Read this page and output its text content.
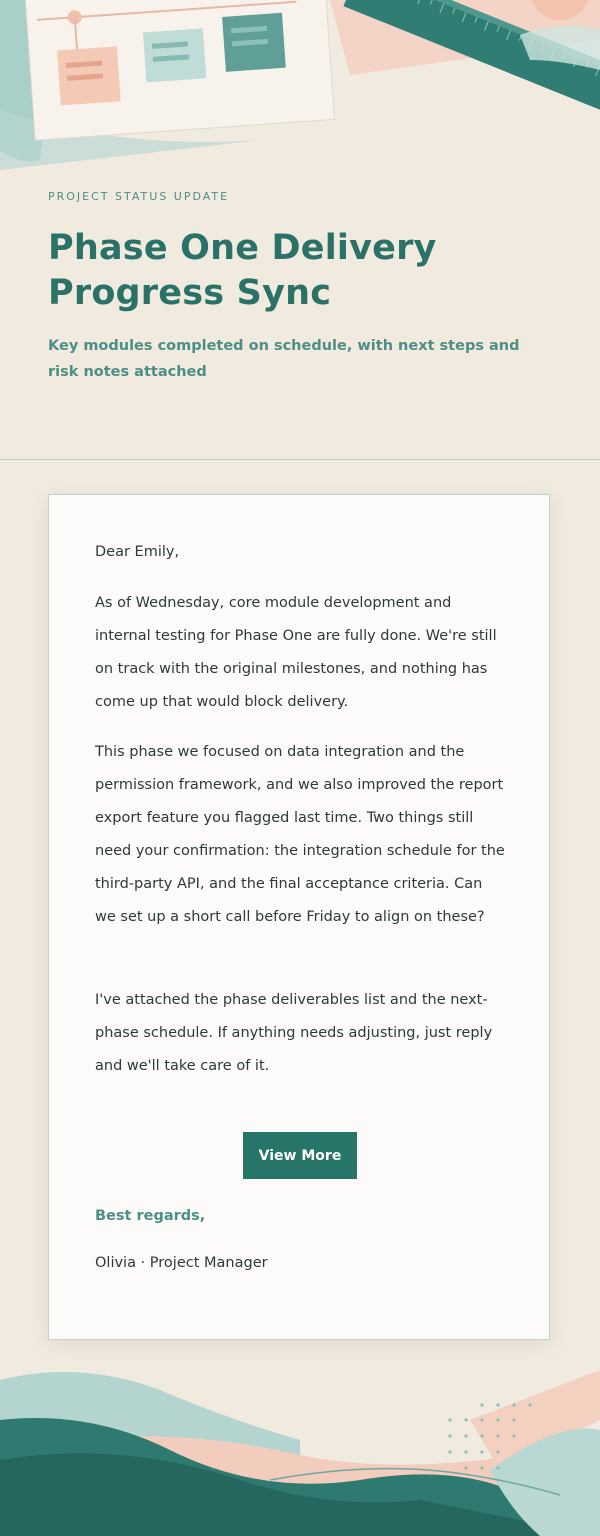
PROJECT STATUS UPDATE
Phase One Delivery Progress Sync

Key modules completed on schedule, with next steps and risk notes attached

Dear Emily,

As of Wednesday, core module development and internal testing for Phase One are fully done. We're still on track with the original milestones, and nothing has come up that would block delivery.

This phase we focused on data integration and the permission framework, and we also improved the report export feature you flagged last time. Two things still need your confirmation: the integration schedule for the third-party API, and the final acceptance criteria. Can we set up a short call before Friday to align on these?

I've attached the phase deliverables list and the next-phase schedule. If anything needs adjusting, just reply and we'll take care of it.

View More

Best regards,

Olivia · Project Manager
